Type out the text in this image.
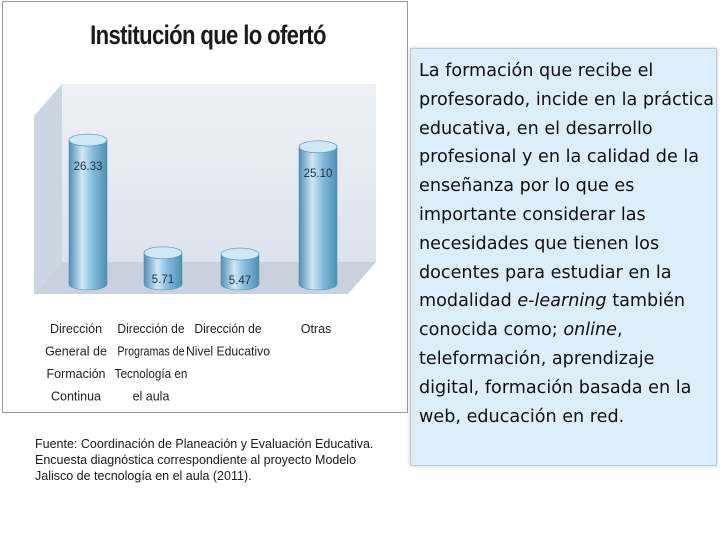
26.33
5.71	5.47
25.10
Dirección
General de
Formación
Continua
Dirección de
Programas de
Tecnología en
el aula
Dirección de
Nivel Educativo
Otras
Institución que lo ofertó
Fuente: Coordinación de Planeación y Evaluación Educativa.
Encuesta diagnóstica correspondiente al proyecto Modelo
Jalisco de tecnología en el aula (2011).

La formación que recibe el profesorado, incide en la práctica educativa, en el desarrollo profesional y en la calidad de la enseñanza por lo que es importante considerar las necesidades que tienen los docentes para estudiar en la modalidad e-learning también conocida como; online, teleformación, aprendizaje digital, formación basada en la web, educación en red.
